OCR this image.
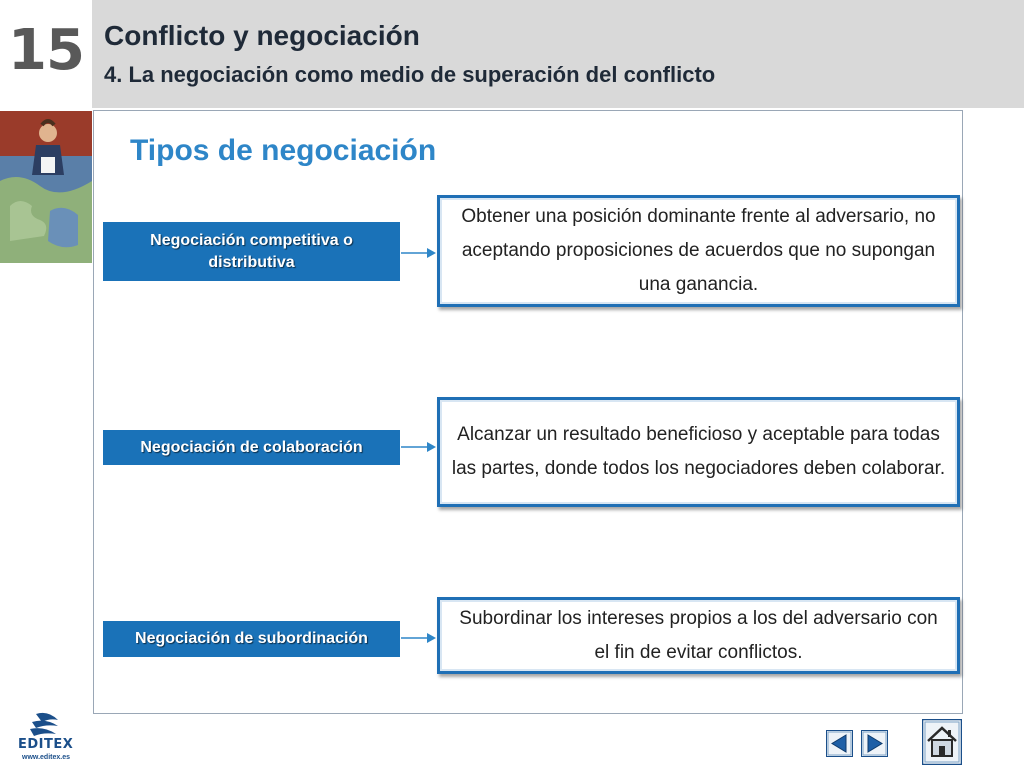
15 Conflicto y negociación
4. La negociación como medio de superación del conflicto
Tipos de negociación
Negociación competitiva o distributiva
Obtener una posición dominante frente al adversario, no aceptando proposiciones de acuerdos que no supongan una ganancia.
Negociación de colaboración
Alcanzar un resultado beneficioso y aceptable para todas las partes, donde todos los negociadores deben colaborar.
Negociación de subordinación
Subordinar los intereses propios a los del adversario con el fin de evitar conflictos.
EDITEX
www.editex.es
